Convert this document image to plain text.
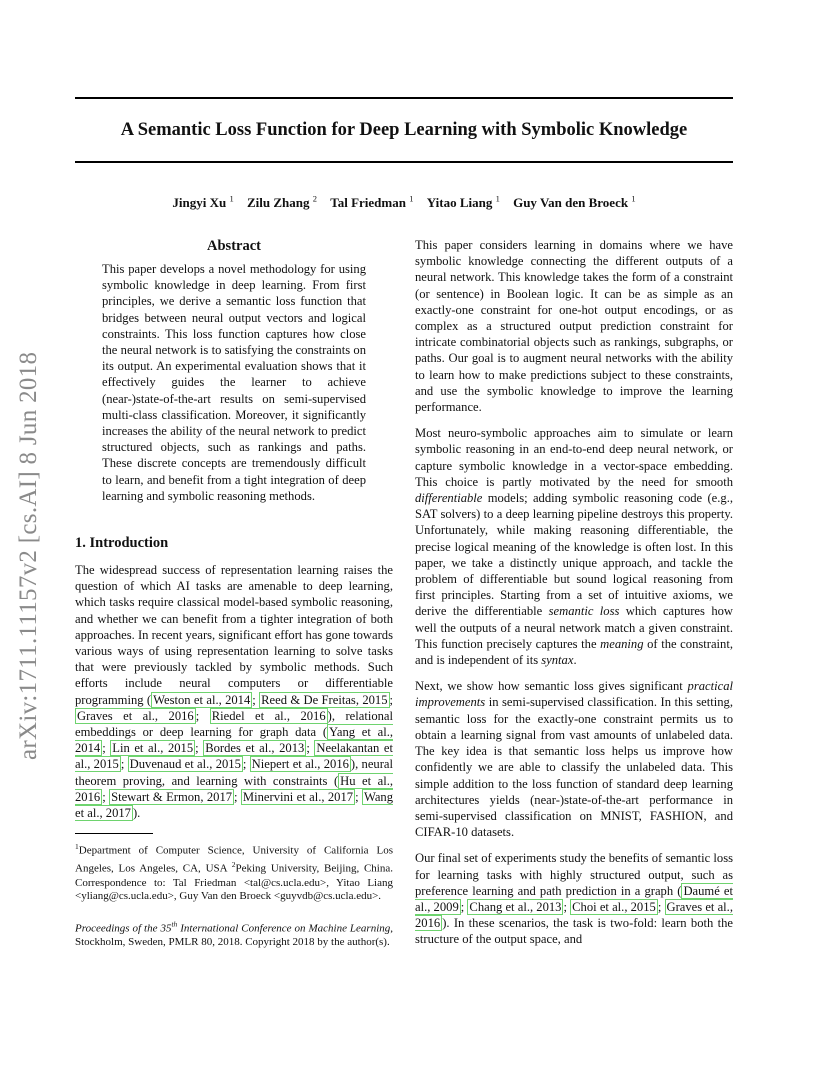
arXiv:1711.11157v2 [cs.AI] 8 Jun 2018
A Semantic Loss Function for Deep Learning with Symbolic Knowledge
Jingyi Xu $^1$ Zilu Zhang $^2$ Tal Friedman $^1$ Yitao Liang $^1$ Guy Van den Broeck $^1$
Abstract
This paper develops a novel methodology for using symbolic knowledge in deep learning. From first principles, we derive a semantic loss function that bridges between neural output vectors and logical constraints. This loss function captures how close the neural network is to satisfying the constraints on its output. An experimental evaluation shows that it effectively guides the learner to achieve (near-)state-of-the-art results on semi-supervised multi-class classification. Moreover, it significantly increases the ability of the neural network to predict structured objects, such as rankings and paths. These discrete concepts are tremendously difficult to learn, and benefit from a tight integration of deep learning and symbolic reasoning methods.
1. Introduction
The widespread success of representation learning raises the question of which AI tasks are amenable to deep learning, which tasks require classical model-based symbolic reasoning, and whether we can benefit from a tighter integration of both approaches. In recent years, significant effort has gone towards various ways of using representation learning to solve tasks that were previously tackled by symbolic methods. Such efforts include neural computers or differentiable programming ( Weston et al., 2014 ; Reed & De Freitas, 2015 ; Graves et al., 2016 ; Riedel et al., 2016 ), relational embeddings or deep learning for graph data ( Yang et al., 2014 ; Lin et al., 2015 ; Bordes et al., 2013 ; Neelakantan et al., 2015 ; Duvenaud et al., 2015 ; Niepert et al., 2016 ), neural theorem proving, and learning with constraints ( Hu et al., 2016 ; Stewart & Ermon, 2017 ; Minervini et al., 2017 ; Wang et al., 2017 ).
$^1$Department of Computer Science, University of California Los Angeles, Los Angeles, CA, USA $^2$Peking University, Beijing, China. Correspondence to: Tal Friedman <tal@cs.ucla.edu>, Yitao Liang <yliang@cs.ucla.edu>, Guy Van den Broeck <guyvdb@cs.ucla.edu>.
Proceedings of the 35th International Conference on Machine Learning, Stockholm, Sweden, PMLR 80, 2018. Copyright 2018 by the author(s).
This paper considers learning in domains where we have symbolic knowledge connecting the different outputs of a neural network. This knowledge takes the form of a constraint (or sentence) in Boolean logic. It can be as simple as an exactly-one constraint for one-hot output encodings, or as complex as a structured output prediction constraint for intricate combinatorial objects such as rankings, subgraphs, or paths. Our goal is to augment neural networks with the ability to learn how to make predictions subject to these constraints, and use the symbolic knowledge to improve the learning performance.
Most neuro-symbolic approaches aim to simulate or learn symbolic reasoning in an end-to-end deep neural network, or capture symbolic knowledge in a vector-space embedding. This choice is partly motivated by the need for smooth differentiable models; adding symbolic reasoning code (e.g., SAT solvers) to a deep learning pipeline destroys this property. Unfortunately, while making reasoning differentiable, the precise logical meaning of the knowledge is often lost. In this paper, we take a distinctly unique approach, and tackle the problem of differentiable but sound logical reasoning from first principles. Starting from a set of intuitive axioms, we derive the differentiable semantic loss which captures how well the outputs of a neural network match a given constraint. This function precisely captures the meaning of the constraint, and is independent of its syntax.
Next, we show how semantic loss gives significant practical improvements in semi-supervised classification. In this setting, semantic loss for the exactly-one constraint permits us to obtain a learning signal from vast amounts of unlabeled data. The key idea is that semantic loss helps us improve how confidently we are able to classify the unlabeled data. This simple addition to the loss function of standard deep learning architectures yields (near-)state-of-the-art performance in semi-supervised classification on MNIST, FASHION, and CIFAR-10 datasets.
Our final set of experiments study the benefits of semantic loss for learning tasks with highly structured output, such as preference learning and path prediction in a graph ( Daumé et al., 2009 ; Chang et al., 2013 ; Choi et al., 2015 ; Graves et al., 2016 ). In these scenarios, the task is two-fold: learn both the structure of the output space, and
